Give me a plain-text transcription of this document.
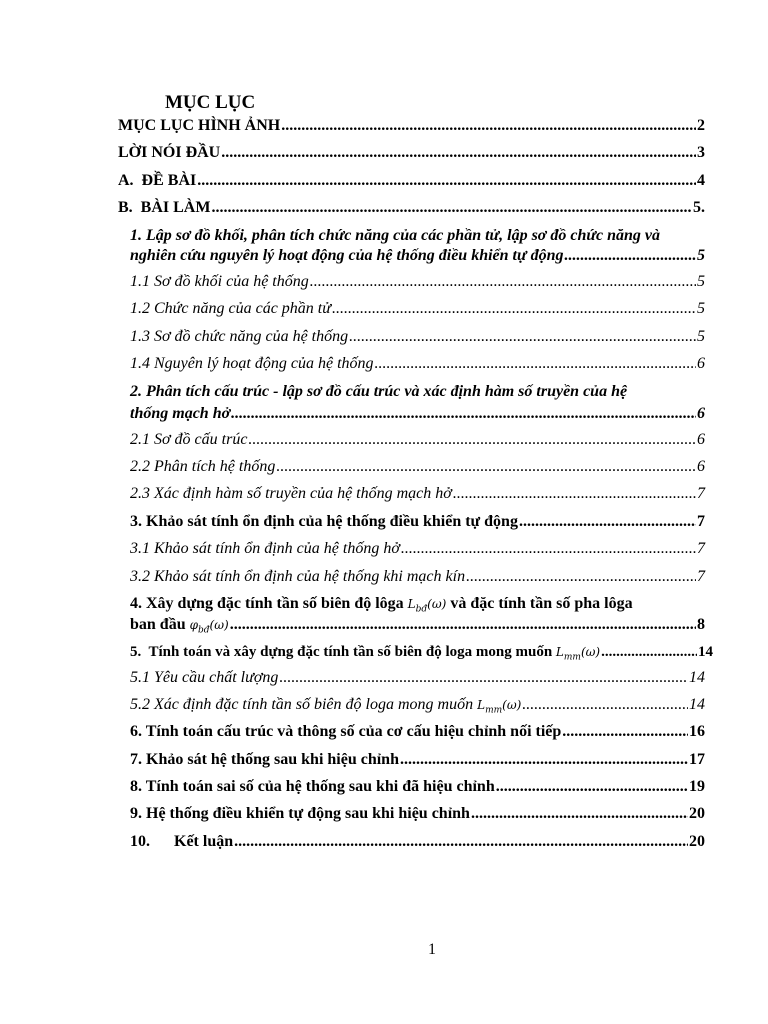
MỤC LỤC
MỤC LỤC HÌNH ẢNH .....	2
LỜI NÓI ĐẦU .....	3
A.  ĐỀ BÀI .....	4
B.  BÀI LÀM .....	5.
1. Lập sơ đồ khối, phân tích chức năng của các phần tử, lập sơ đồ chức năng và
nghiên cứu nguyên lý hoạt động của hệ thống điều khiển tự động .....	5
1.1 Sơ đồ khối của hệ thống .....	5
1.2 Chức năng của các phần tử .....	5
1.3 Sơ đồ chức năng của hệ thống .....	5
1.4 Nguyên lý hoạt động của hệ thống .....	6
2. Phân tích cấu trúc - lập sơ đồ cấu trúc và xác định hàm số truyền của hệ
thống mạch hở .....	6
2.1 Sơ đồ cấu trúc .....	6
2.2 Phân tích hệ thống .....	6
2.3 Xác định hàm số truyền của hệ thống mạch hở .....	7
3. Khảo sát tính ổn định của hệ thống điều khiển tự động .....	7
3.1 Khảo sát tính ổn định của hệ thống hở .....	7
3.2 Khảo sát tính ổn định của hệ thống khi mạch kín .....	7
4. Xây dựng đặc tính tần số biên độ lôga $L_{bđ}(\omega)$ và đặc tính tần số pha lôga
ban đầu $\varphi_{bđ}(\omega)$ .....	8
5.  Tính toán và xây dựng đặc tính tần số biên độ loga mong muốn $L_{mm}(\omega)$ .....	14
5.1 Yêu cầu chất lượng .....	14
5.2 Xác định đặc tính tần số biên độ loga mong muốn $L_{mm}(\omega)$ .....	14
6. Tính toán cấu trúc và thông số của cơ cấu hiệu chỉnh nối tiếp .....	16
7. Khảo sát hệ thống sau khi hiệu chỉnh .....	17
8. Tính toán sai số của hệ thống sau khi đã hiệu chỉnh .....	19
9. Hệ thống điều khiển tự động sau khi hiệu chỉnh .....	20
10.      Kết luận .....	20
1
